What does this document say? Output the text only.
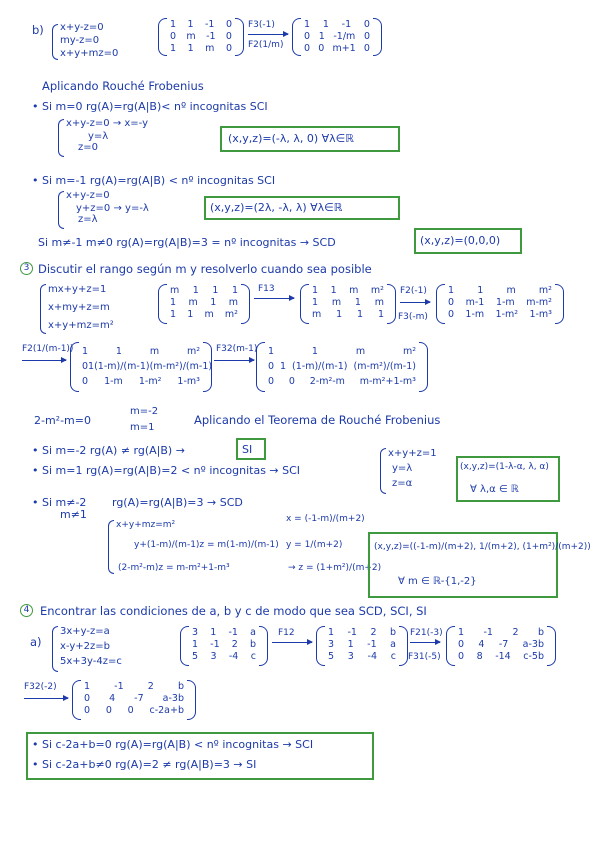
b) x+y-z=0
my-z=0
x+y+mz=0
1 1 -1 0
0 m -1 0
1 1 m 0
F3(-1)
F2(1/m)
1 1 -1 0
0 1 -1/m 0
0 0 m+1 0
Aplicando Rouché Frobenius
• Si m=0 rg(A)=rg(A|B)< nº incognitas SCI
x+y-z=0 → x=-y
y=λ
z=0
(x,y,z)=(-λ, λ, 0) ∀λ∈ℝ
• Si m=-1 rg(A)=rg(A|B) < nº incognitas SCI
x+y-z=0
y+z=0 → y=-λ
z=λ
(x,y,z)=(2λ, -λ, λ) ∀λ∈ℝ
Si m≠-1 m≠0 rg(A)=rg(A|B)=3 = nº incognitas → SCD	(x,y,z)=(0,0,0)
3 Discutir el rango según m y resolverlo cuando sea posible
mx+y+z=1
x+my+z=m
x+y+mz=m²
m 1 1 1
1 m 1 m
1 1 m m²
F13	1 1 m m²
1 m 1 m
m 1 1 1
F2(-1)
F3(-m)
1 1 m m²
0 m-1 1-m m-m²
0 1-m 1-m² 1-m³
F2(1/(m-1)) 1	1	m	m²
0 1 (1-m)/(m-1) (m-m²)/(m-1)
0 1-m 1-m² 1-m³
F32(m-1) 1	1	m	m²
0 1 (1-m)/(m-1) (m-m²)/(m-1)
0 0 2-m²-m m-m²+1-m³
2-m²-m=0
m=-2
m=1
Aplicando el Teorema de Rouché Frobenius
• Si m=-2 rg(A) ≠ rg(A|B) →	SI
• Si m=1 rg(A)=rg(A|B)=2 < nº incognitas → SCI
x+y+z=1
y=λ
z=α
(x,y,z)=(1-λ-α, λ, α)
∀ λ,α ∈ ℝ
• Si m≠-2
m≠1
rg(A)=rg(A|B)=3 → SCD
x+y+mz=m²
y+(1-m)/(m-1)z = m(1-m)/(m-1)
(2-m²-m)z = m-m²+1-m³
x = (-1-m)/(m+2)
y = 1/(m+2)
→ z = (1+m²)/(m+2)
(x,y,z)=((-1-m)/(m+2), 1/(m+2), (1+m²)/(m+2))
∀ m ∈ ℝ-{1,-2}
4 Encontrar las condiciones de a, b y c de modo que sea SCD, SCI, SI
a)
3x+y-z=a
x-y+2z=b
5x+3y-4z=c
3 1 -1 a
1 -1 2 b
5 3 -4 c
F12	1 -1 2 b
3 1 -1 a
5 3 -4 c
F21(-3)
F31(-5)
1 -1 2 b
0 4 -7 a-3b
0 8 -14 c-5b
F32(-2)	1	-1	2	b
0 4 -7 a-3b
0 0 0 c-2a+b
• Si c-2a+b=0 rg(A)=rg(A|B) < nº incognitas → SCI
• Si c-2a+b≠0 rg(A)=2 ≠ rg(A|B)=3 → SI
